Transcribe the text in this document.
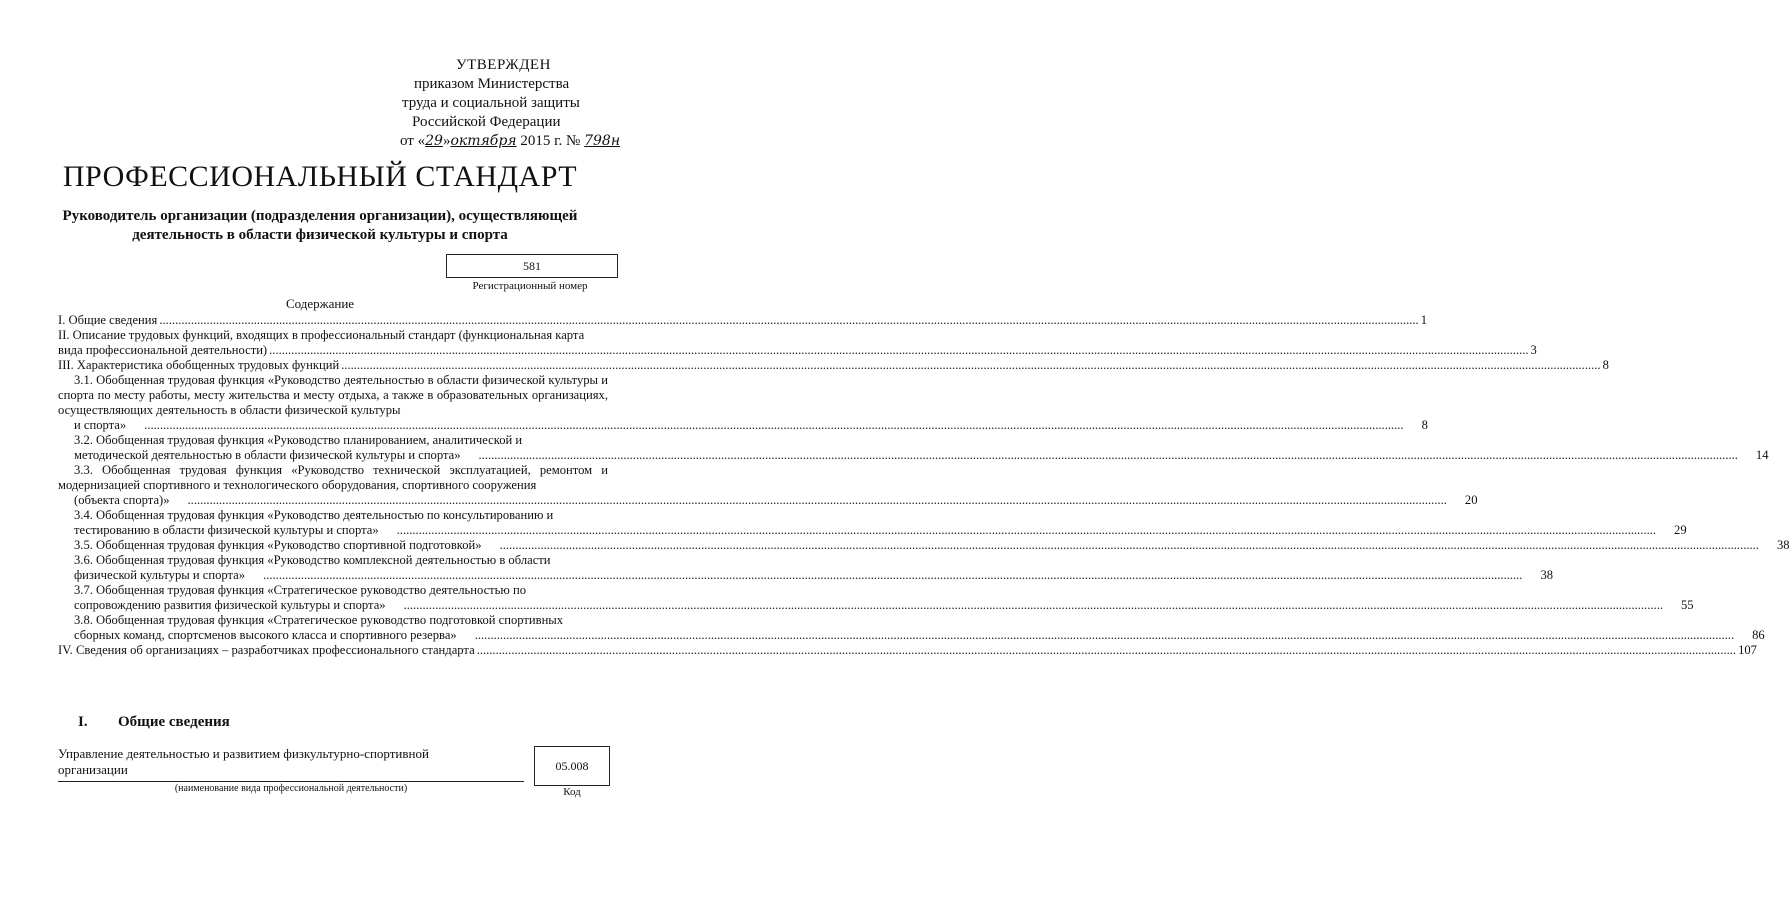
УТВЕРЖДЕН
приказом Министерства
труда и социальной защиты
Российской Федерации
от «29»октября 2015 г. № 798н
ПРОФЕССИОНАЛЬНЫЙ СТАНДАРТ
Руководитель организации (подразделения организации), осуществляющей деятельность в области физической культуры и спорта
581
Регистрационный номер
Содержание
I. Общие сведения ................................................................................................................................................................................................................................................................................................................................................................................................................ 1
II. Описание трудовых функций, входящих в профессиональный стандарт (функциональная карта
вида профессиональной деятельности) ................................................................................................................................................................................................................................................................................................................................................................................................................ 3
III. Характеристика обобщенных трудовых функций ................................................................................................................................................................................................................................................................................................................................................................................................................ 8
3.1. Обобщенная трудовая функция «Руководство деятельностью в области физической культуры и спорта по месту работы, месту жительства и месту отдыха, а также в образовательных организациях, осуществляющих деятельность в области физической культуры
и спорта»	................................................................................................................................................................................................................................................................................................................................................................................................................	8
3.2. Обобщенная трудовая функция «Руководство планированием, аналитической и
методической деятельностью в области физической культуры и спорта»	................................................................................................................................................................................................................................................................................................................................................................................................................	14
3.3. Обобщенная трудовая функция «Руководство технической эксплуатацией, ремонтом и модернизацией спортивного и технологического оборудования, спортивного сооружения
(объекта спорта)»	................................................................................................................................................................................................................................................................................................................................................................................................................	20
3.4. Обобщенная трудовая функция «Руководство деятельностью по консультированию и
тестированию в области физической культуры и спорта»	................................................................................................................................................................................................................................................................................................................................................................................................................	29
3.5. Обобщенная трудовая функция «Руководство спортивной подготовкой»	................................................................................................................................................................................................................................................................................................................................................................................................................	38
3.6. Обобщенная трудовая функция «Руководство комплексной деятельностью в области
физической культуры и спорта»	................................................................................................................................................................................................................................................................................................................................................................................................................	38
3.7. Обобщенная трудовая функция «Стратегическое руководство деятельностью по
сопровождению развития физической культуры и спорта»	................................................................................................................................................................................................................................................................................................................................................................................................................	55
3.8. Обобщенная трудовая функция «Стратегическое руководство подготовкой спортивных
сборных команд, спортсменов высокого класса и спортивного резерва»	................................................................................................................................................................................................................................................................................................................................................................................................................	86
IV. Сведения об организациях – разработчиках профессионального стандарта ................................................................................................................................................................................................................................................................................................................................................................................................................ 107
I. Общие сведения
Управление деятельностью и развитием физкультурно-спортивной организации
(наименование вида профессиональной деятельности)
05.008
Код
